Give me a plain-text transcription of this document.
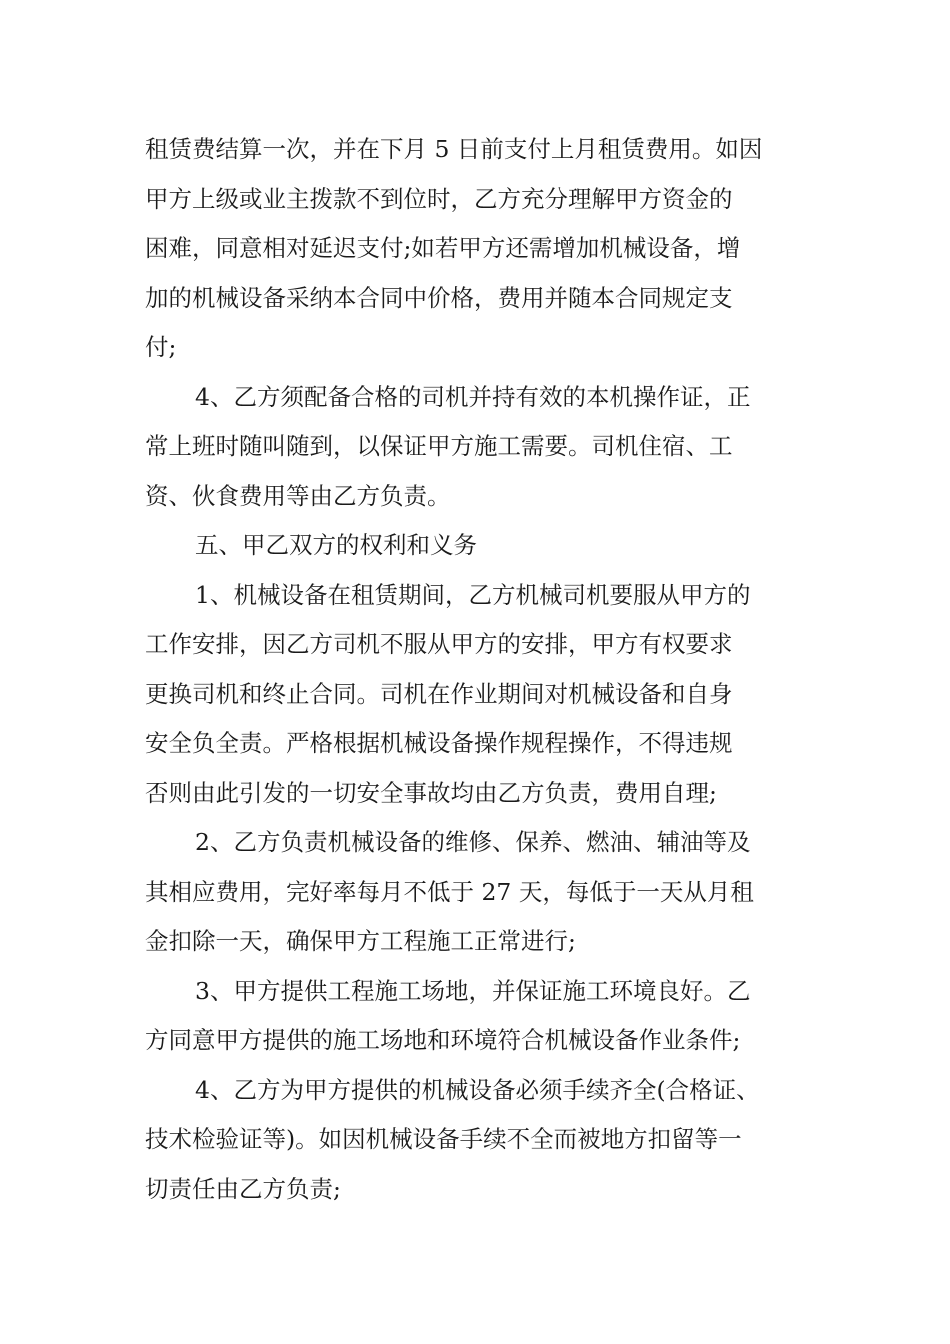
租赁费结算一次，并在下月 5 日前支付上月租赁费用。如因
甲方上级或业主拨款不到位时，乙方充分理解甲方资金的
困难，同意相对延迟支付;如若甲方还需增加机械设备，增
加的机械设备采纳本合同中价格，费用并随本合同规定支
付;
4、乙方须配备合格的司机并持有效的本机操作证，正
常上班时随叫随到，以保证甲方施工需要。司机住宿、工
资、伙食费用等由乙方负责。
五、甲乙双方的权利和义务
1、机械设备在租赁期间，乙方机械司机要服从甲方的
工作安排，因乙方司机不服从甲方的安排，甲方有权要求
更换司机和终止合同。司机在作业期间对机械设备和自身
安全负全责。严格根据机械设备操作规程操作，不得违规
否则由此引发的一切安全事故均由乙方负责，费用自理;
2、乙方负责机械设备的维修、保养、燃油、辅油等及
其相应费用，完好率每月不低于 27 天，每低于一天从月租
金扣除一天，确保甲方工程施工正常进行;
3、甲方提供工程施工场地，并保证施工环境良好。乙
方同意甲方提供的施工场地和环境符合机械设备作业条件;
4、乙方为甲方提供的机械设备必须手续齐全(合格证、
技术检验证等)。如因机械设备手续不全而被地方扣留等一
切责任由乙方负责;
